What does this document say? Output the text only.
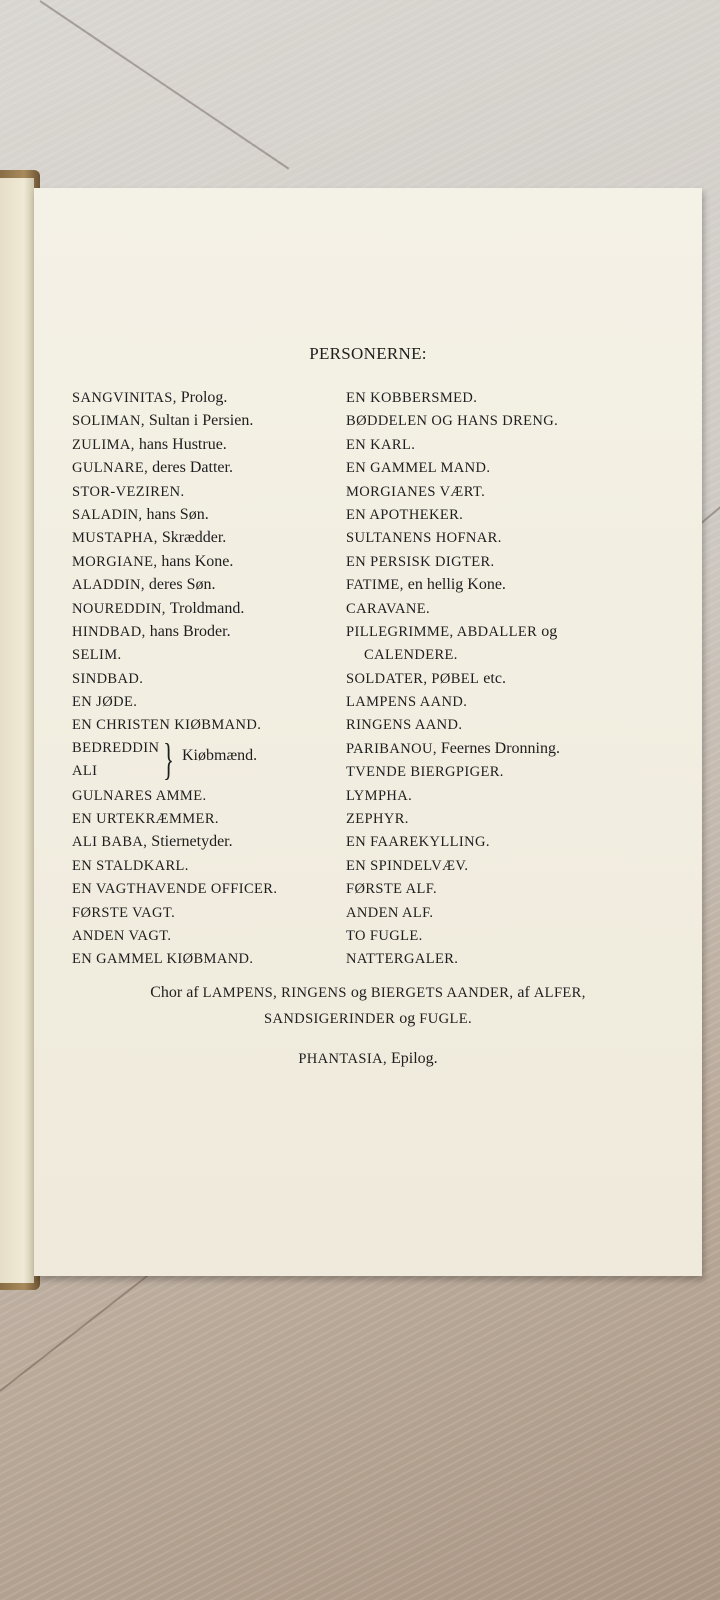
PERSONERNE:
SANGVINITAS, Prolog.
SOLIMAN, Sultan i Persien.
ZULIMA, hans Hustrue.
GULNARE, deres Datter.
STOR-VEZIREN.
SALADIN, hans Søn.
MUSTAPHA, Skrædder.
MORGIANE, hans Kone.
ALADDIN, deres Søn.
NOUREDDIN, Troldmand.
HINDBAD, hans Broder.
SELIM.
SINDBAD.
EN JØDE.
EN CHRISTEN KIØBMAND.
BEDREDDIN
ALI } Kiøbmænd.
GULNARES AMME.
EN URTEKRÆMMER.
ALI BABA, Stiernetyder.
EN STALDKARL.
EN VAGTHAVENDE OFFICER.
FØRSTE VAGT.
ANDEN VAGT.
EN GAMMEL KIØBMAND.
EN KOBBERSMED.
BØDDELEN OG HANS DRENG.
EN KARL.
EN GAMMEL MAND.
MORGIANES VÆRT.
EN APOTHEKER.
SULTANENS HOFNAR.
EN PERSISK DIGTER.
FATIME, en hellig Kone.
CARAVANE.
PILLEGRIMME, ABDALLER og
CALENDERE.
SOLDATER, PØBEL etc.
LAMPENS AAND.
RINGENS AAND.
PARIBANOU, Feernes Dronning.
TVENDE BIERGPIGER.
LYMPHA.
ZEPHYR.
EN FAAREKYLLING.
EN SPINDELVÆV.
FØRSTE ALF.
ANDEN ALF.
TO FUGLE.
NATTERGALER.
Chor af LAMPENS, RINGENS og BIERGETS AANDER, af ALFER,
SANDSIGERINDER og FUGLE.
PHANTASIA, Epilog.
